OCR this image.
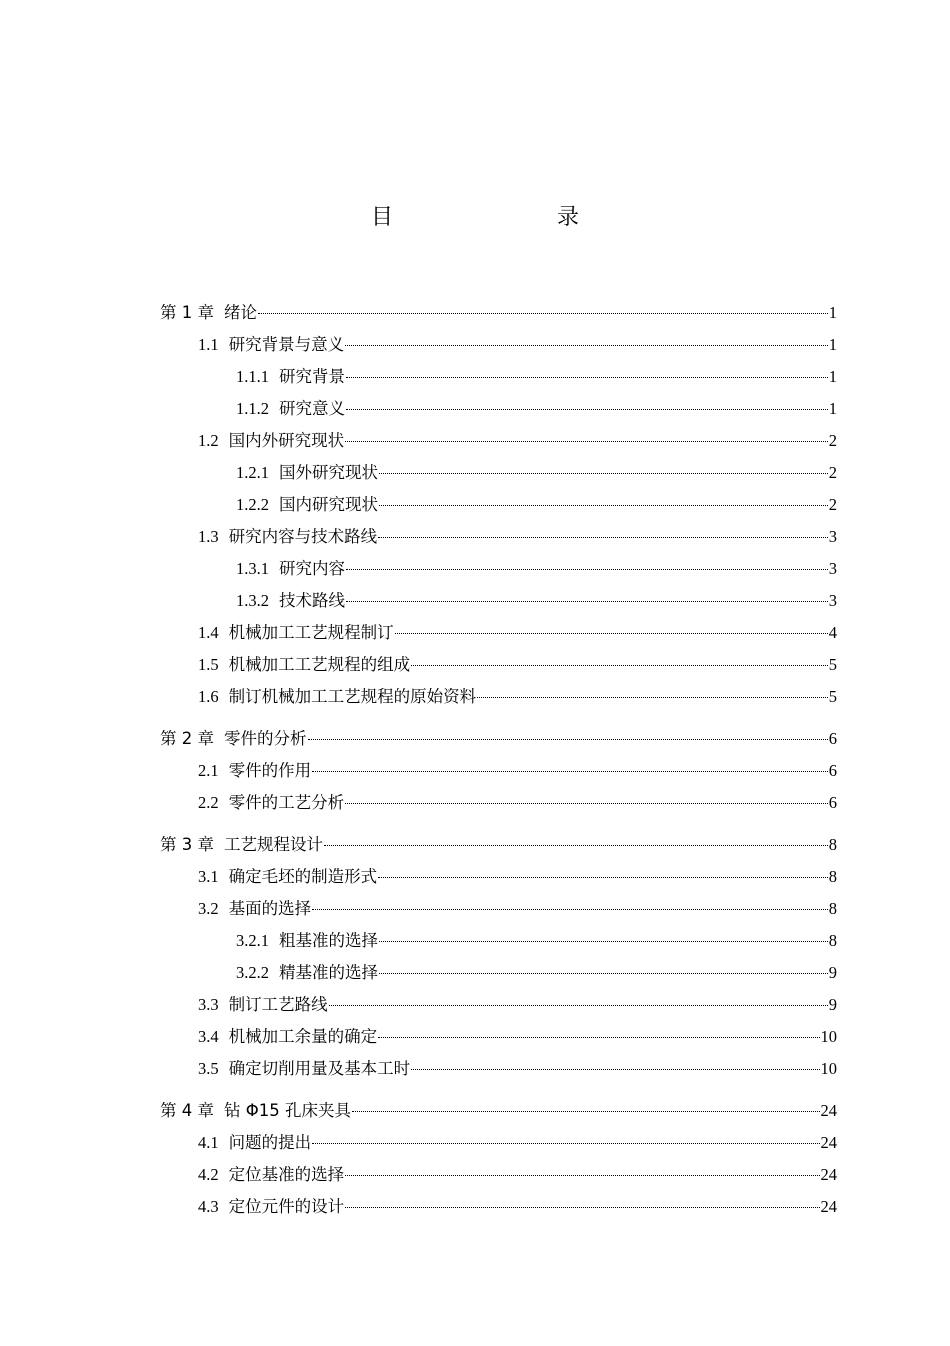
目　　录
第 1 章 绪论	1
1.1 研究背景与意义	1
1.1.1 研究背景	1
1.1.2 研究意义	1
1.2 国内外研究现状	2
1.2.1 国外研究现状	2
1.2.2 国内研究现状	2
1.3 研究内容与技术路线	3
1.3.1 研究内容	3
1.3.2 技术路线	3
1.4 机械加工工艺规程制订	4
1.5 机械加工工艺规程的组成	5
1.6 制订机械加工工艺规程的原始资料	5
第 2 章 零件的分析	6
2.1 零件的作用	6
2.2 零件的工艺分析	6
第 3 章 工艺规程设计	8
3.1 确定毛坯的制造形式	8
3.2 基面的选择	8
3.2.1 粗基准的选择	8
3.2.2 精基准的选择	9
3.3 制订工艺路线	9
3.4 机械加工余量的确定	10
3.5 确定切削用量及基本工时	10
第 4 章 钻 Φ15 孔床夹具	24
4.1 问题的提出	24
4.2 定位基准的选择	24
4.3 定位元件的设计	24
